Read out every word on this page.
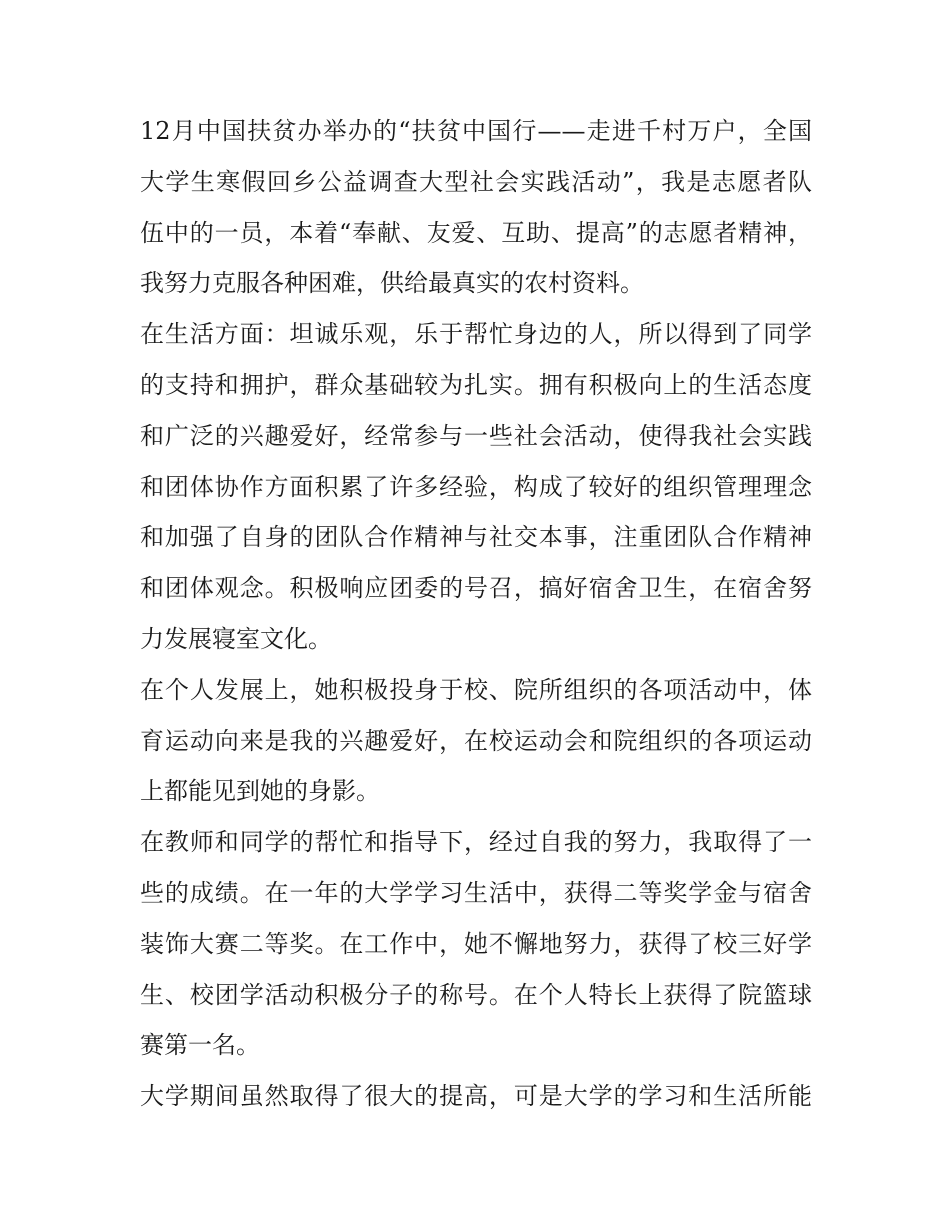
12月中国扶贫办举办的“扶贫中国行——走进千村万户，全国
大学生寒假回乡公益调查大型社会实践活动”，我是志愿者队
伍中的一员，本着“奉献、友爱、互助、提高”的志愿者精神，
我努力克服各种困难，供给最真实的农村资料。
在生活方面：坦诚乐观，乐于帮忙身边的人，所以得到了同学
的支持和拥护，群众基础较为扎实。拥有积极向上的生活态度
和广泛的兴趣爱好，经常参与一些社会活动，使得我社会实践
和团体协作方面积累了许多经验，构成了较好的组织管理理念
和加强了自身的团队合作精神与社交本事，注重团队合作精神
和团体观念。积极响应团委的号召，搞好宿舍卫生，在宿舍努
力发展寝室文化。
在个人发展上，她积极投身于校、院所组织的各项活动中，体
育运动向来是我的兴趣爱好，在校运动会和院组织的各项运动
上都能见到她的身影。
在教师和同学的帮忙和指导下，经过自我的努力，我取得了一
些的成绩。在一年的大学学习生活中，获得二等奖学金与宿舍
装饰大赛二等奖。在工作中，她不懈地努力，获得了校三好学
生、校团学活动积极分子的称号。在个人特长上获得了院篮球
赛第一名。
大学期间虽然取得了很大的提高，可是大学的学习和生活所能
